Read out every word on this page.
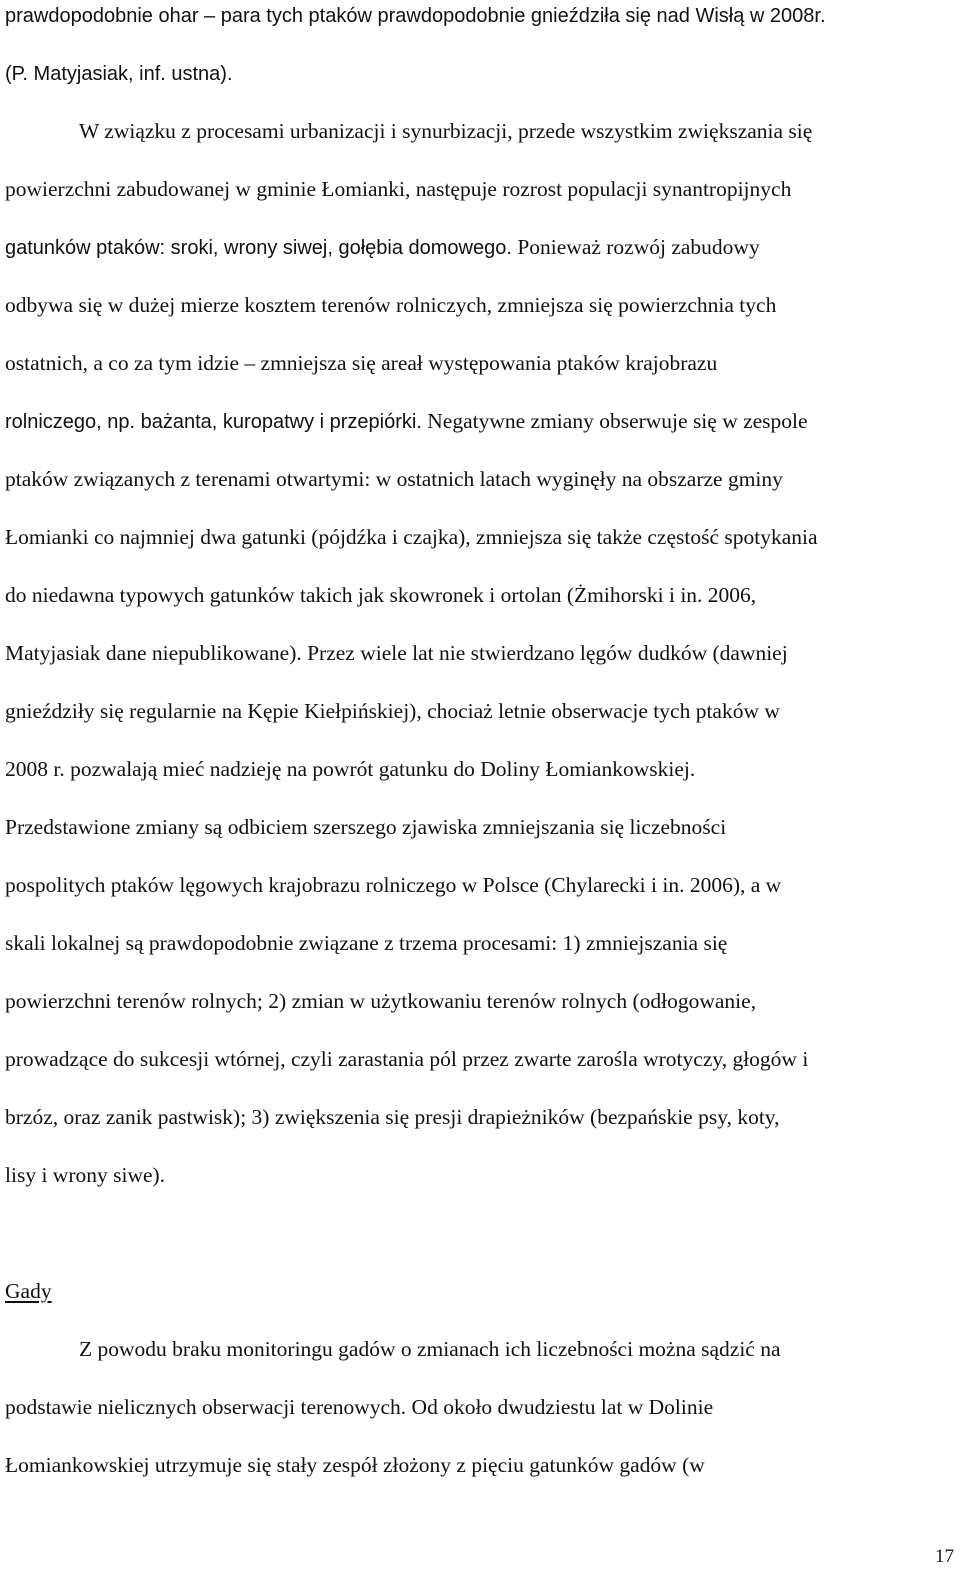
prawdopodobnie ohar – para tych ptaków prawdopodobnie gnieździła się nad Wisłą w 2008r.

(P. Matyjasiak, inf. ustna).

W związku z procesami urbanizacji i synurbizacji, przede wszystkim zwiększania się

powierzchni zabudowanej w gminie Łomianki, następuje rozrost populacji synantropijnych

gatunków ptaków: sroki, wrony siwej, gołębia domowego. Ponieważ rozwój zabudowy

odbywa się w dużej mierze kosztem terenów rolniczych, zmniejsza się powierzchnia tych

ostatnich, a co za tym idzie – zmniejsza się areał występowania ptaków krajobrazu

rolniczego, np. bażanta, kuropatwy i przepiórki. Negatywne zmiany obserwuje się w zespole

ptaków związanych z terenami otwartymi: w ostatnich latach wyginęły na obszarze gminy

Łomianki co najmniej dwa gatunki (pójdźka i czajka), zmniejsza się także częstość spotykania

do niedawna typowych gatunków takich jak skowronek i ortolan (Żmihorski i in. 2006,

Matyjasiak dane niepublikowane). Przez wiele lat nie stwierdzano lęgów dudków (dawniej

gnieździły się regularnie na Kępie Kiełpińskiej), chociaż letnie obserwacje tych ptaków w

2008 r. pozwalają mieć nadzieję na powrót gatunku do Doliny Łomiankowskiej.

Przedstawione zmiany są odbiciem szerszego zjawiska zmniejszania się liczebności

pospolitych ptaków lęgowych krajobrazu rolniczego w Polsce (Chylarecki i in. 2006), a w

skali lokalnej są prawdopodobnie związane z trzema procesami: 1) zmniejszania się

powierzchni terenów rolnych; 2) zmian w użytkowaniu terenów rolnych (odłogowanie,

prowadzące do sukcesji wtórnej, czyli zarastania pól przez zwarte zarośla wrotyczy, głogów i

brzóz, oraz zanik pastwisk); 3) zwiększenia się presji drapieżników (bezpańskie psy, koty,

lisy i wrony siwe).

Gady

Z powodu braku monitoringu gadów o zmianach ich liczebności można sądzić na

podstawie nielicznych obserwacji terenowych. Od około dwudziestu lat w Dolinie

Łomiankowskiej utrzymuje się stały zespół złożony z pięciu gatunków gadów (w

17
